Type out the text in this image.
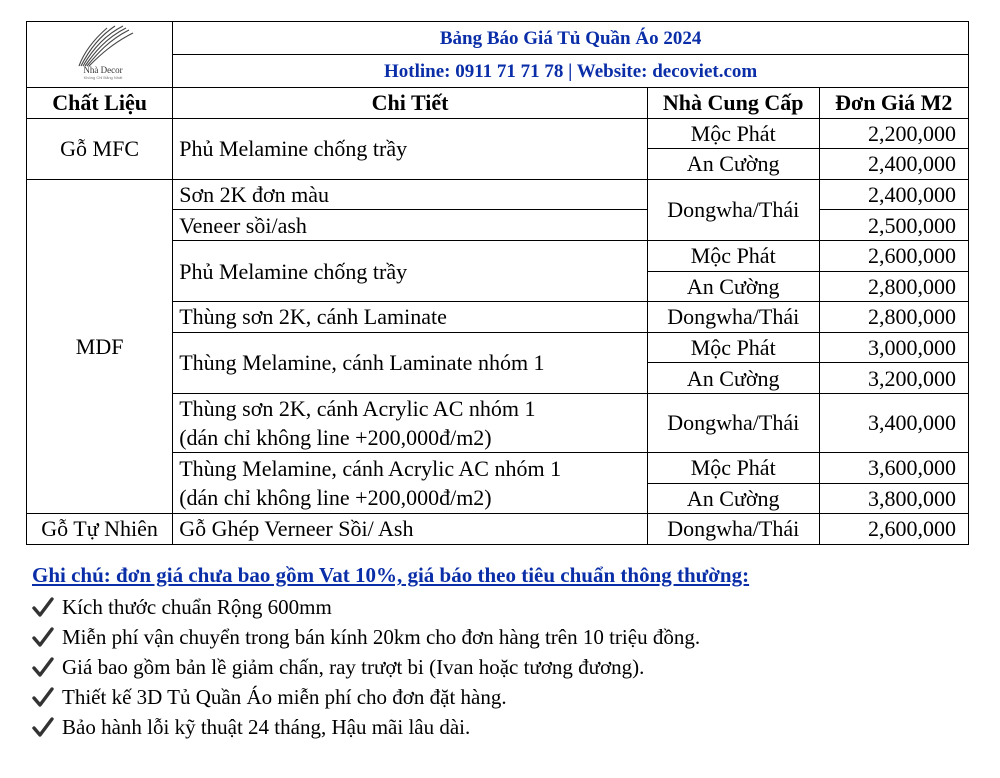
Nhà Decor
Không Chỉ Bằng Nhất	Bảng Báo Giá Tủ Quần Áo 2024		
	Hotline: 0911 71 71 78 | Website: decoviet.com		
Chất Liệu	Chi Tiết	Nhà Cung Cấp	Đơn Giá M2
Gỗ MFC	Phủ Melamine chống trầy	Mộc Phát	2,200,000
		An Cường	2,400,000
MDF	Sơn 2K đơn màu	Dongwha/Thái	2,400,000
	Veneer sồi/ash		2,500,000
	Phủ Melamine chống trầy	Mộc Phát	2,600,000
		An Cường	2,800,000
	Thùng sơn 2K, cánh Laminate	Dongwha/Thái	2,800,000
	Thùng Melamine, cánh Laminate nhóm 1	Mộc Phát	3,000,000
		An Cường	3,200,000

	Thùng sơn 2K, cánh Acrylic AC nhóm 1
(dán chỉ không line +200,000đ/m2)	Dongwha/Thái	3,400,000

	Thùng Melamine, cánh Acrylic AC nhóm 1
(dán chỉ không line +200,000đ/m2)	Mộc Phát	3,600,000
		An Cường	3,800,000

Gỗ Tự Nhiên	Gỗ Ghép Verneer Sồi/ Ash	Dongwha/Thái	2,600,000
Ghi chú: đơn giá chưa bao gồm Vat 10%, giá báo theo tiêu chuẩn thông thường:
Kích thước chuẩn Rộng 600mm
Miễn phí vận chuyển trong bán kính 20km cho đơn hàng trên 10 triệu đồng.
Giá bao gồm bản lề giảm chấn, ray trượt bi (Ivan hoặc tương đương).
Thiết kế 3D Tủ Quần Áo miễn phí cho đơn đặt hàng.
Bảo hành lỗi kỹ thuật 24 tháng, Hậu mãi lâu dài.
